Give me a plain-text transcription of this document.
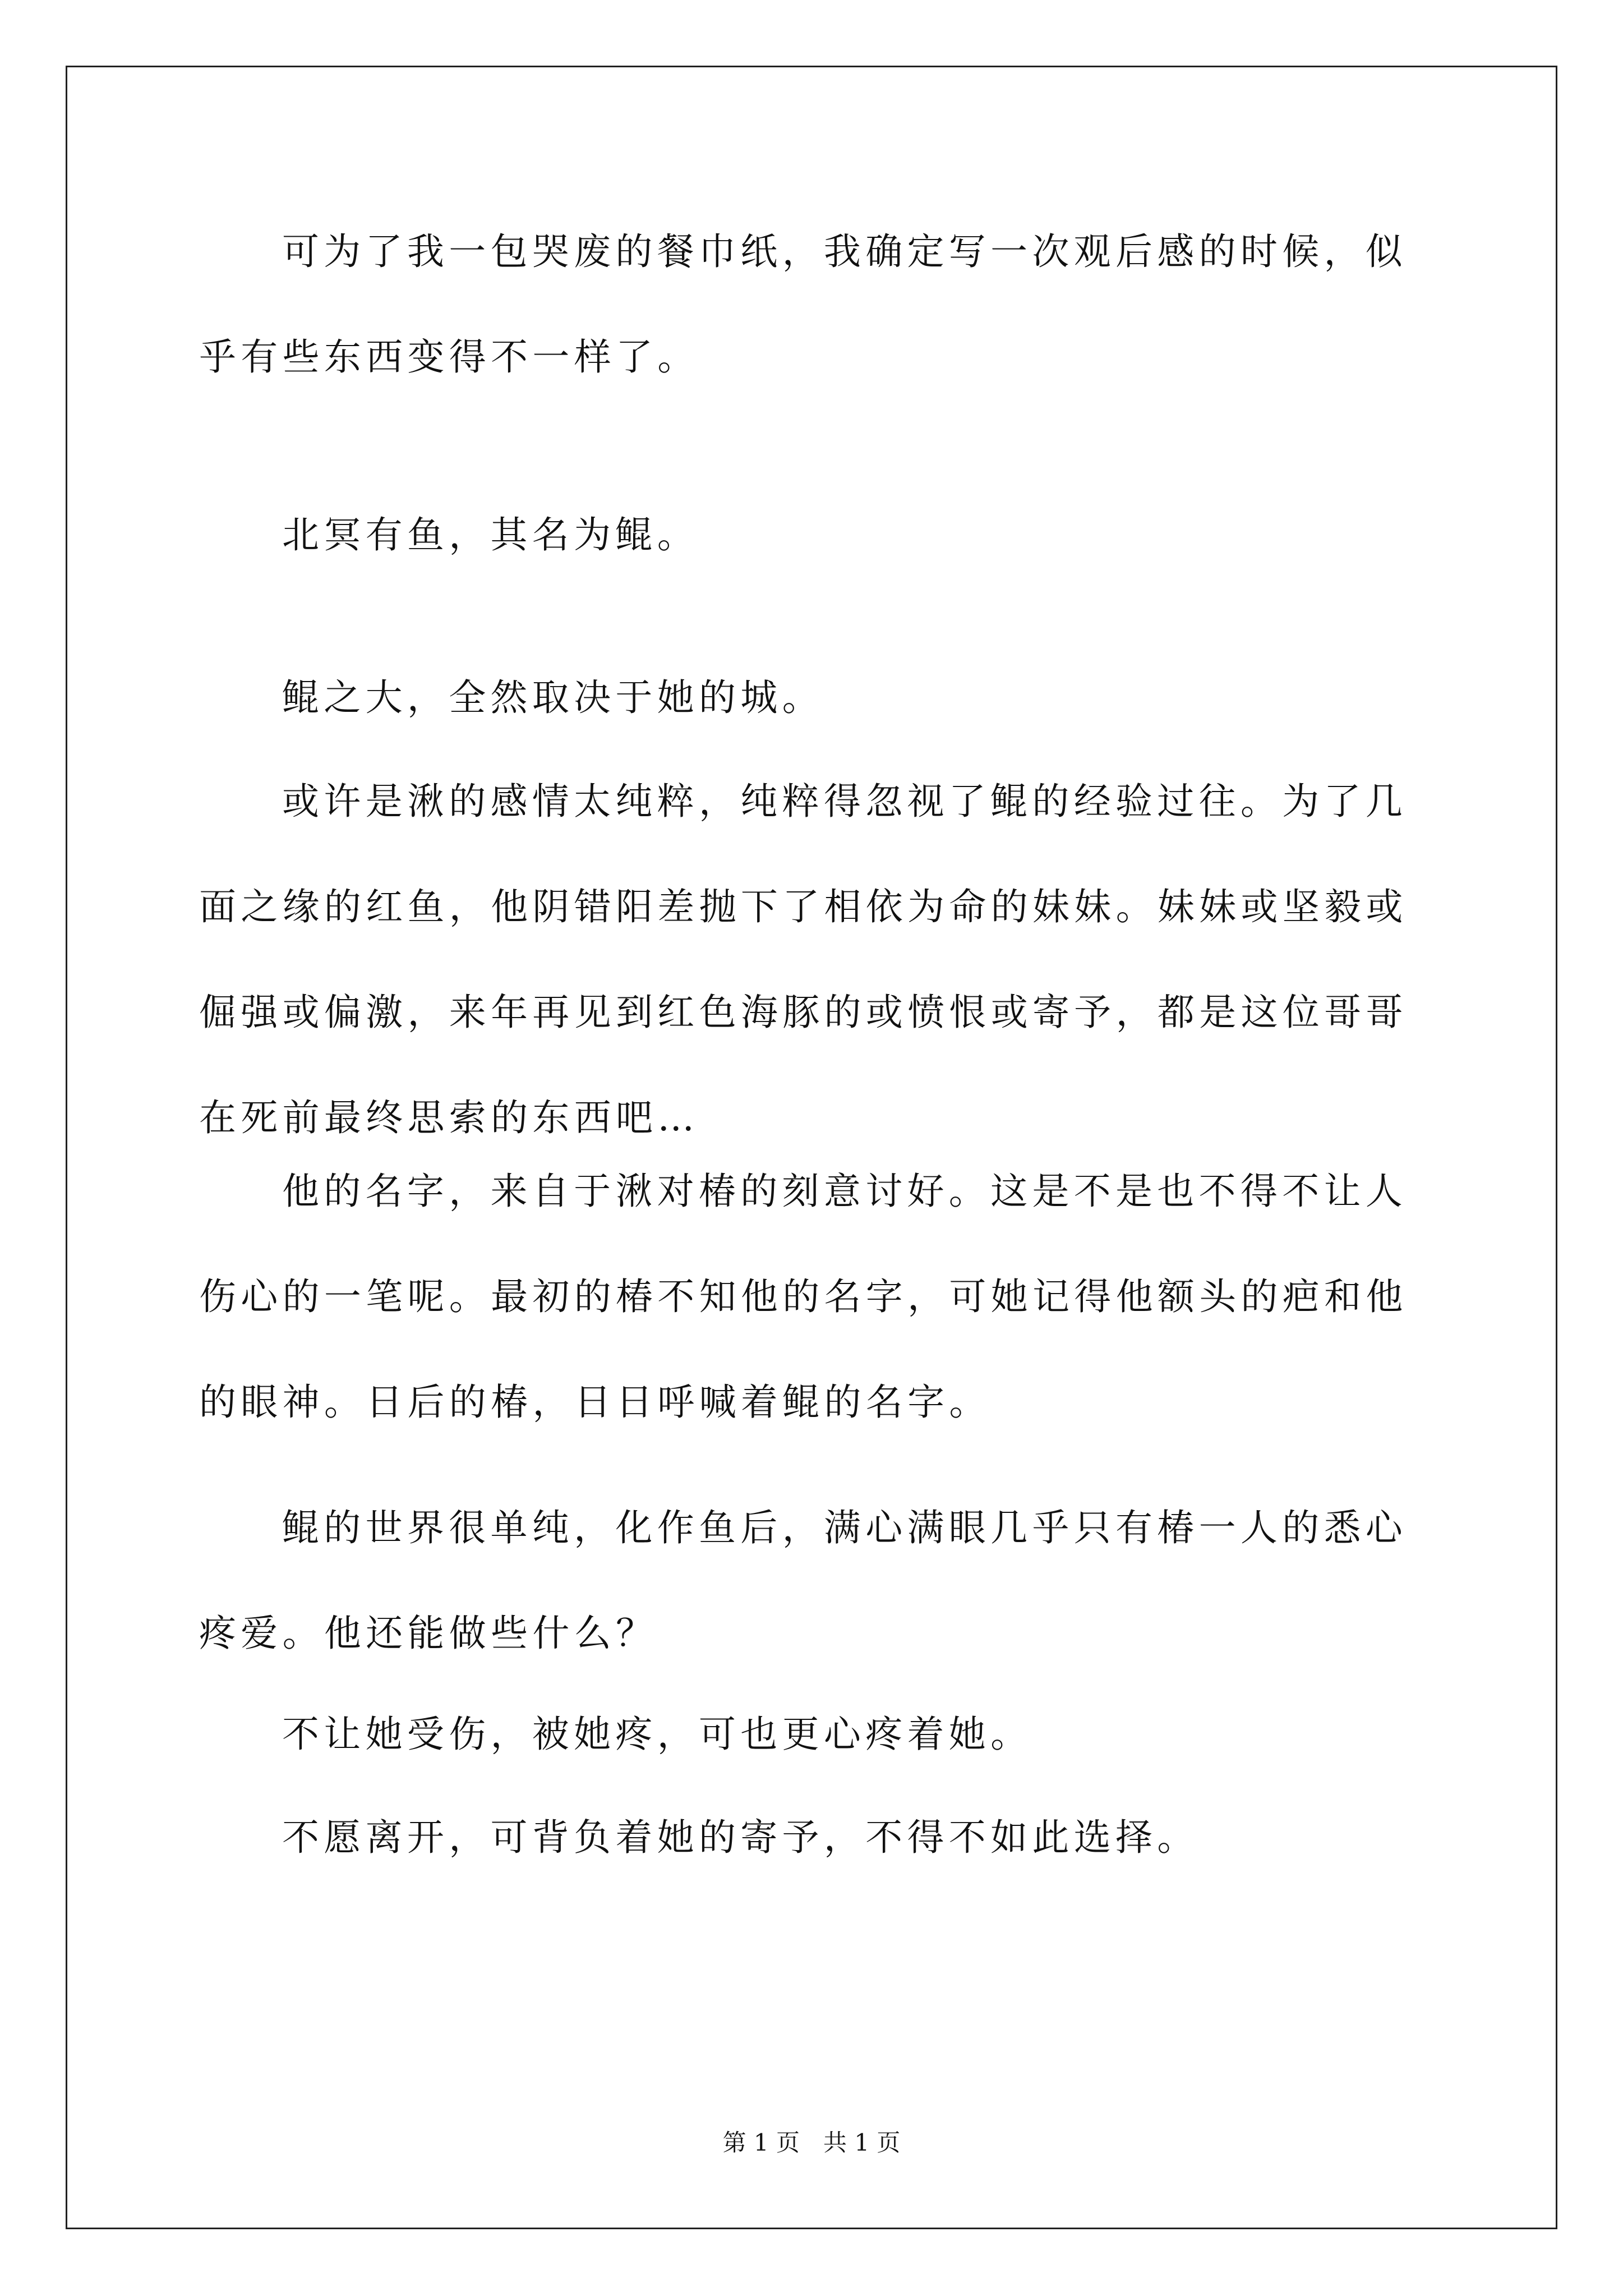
可为了我一包哭废的餐巾纸，我确定写一次观后感的时候，似乎有些东西变得不一样了。

北冥有鱼，其名为鲲。

鲲之大，全然取决于她的城。

或许是湫的感情太纯粹，纯粹得忽视了鲲的经验过往。为了几面之缘的红鱼，他阴错阳差抛下了相依为命的妹妹。妹妹或坚毅或倔强或偏激，来年再见到红色海豚的或愤恨或寄予，都是这位哥哥在死前最终思索的东西吧…

他的名字，来自于湫对椿的刻意讨好。这是不是也不得不让人伤心的一笔呢。最初的椿不知他的名字，可她记得他额头的疤和他的眼神。日后的椿，日日呼喊着鲲的名字。

鲲的世界很单纯，化作鱼后，满心满眼几乎只有椿一人的悉心疼爱。他还能做些什么？

不让她受伤，被她疼，可也更心疼着她。

不愿离开，可背负着她的寄予，不得不如此选择。

第 1 页　共 1 页
